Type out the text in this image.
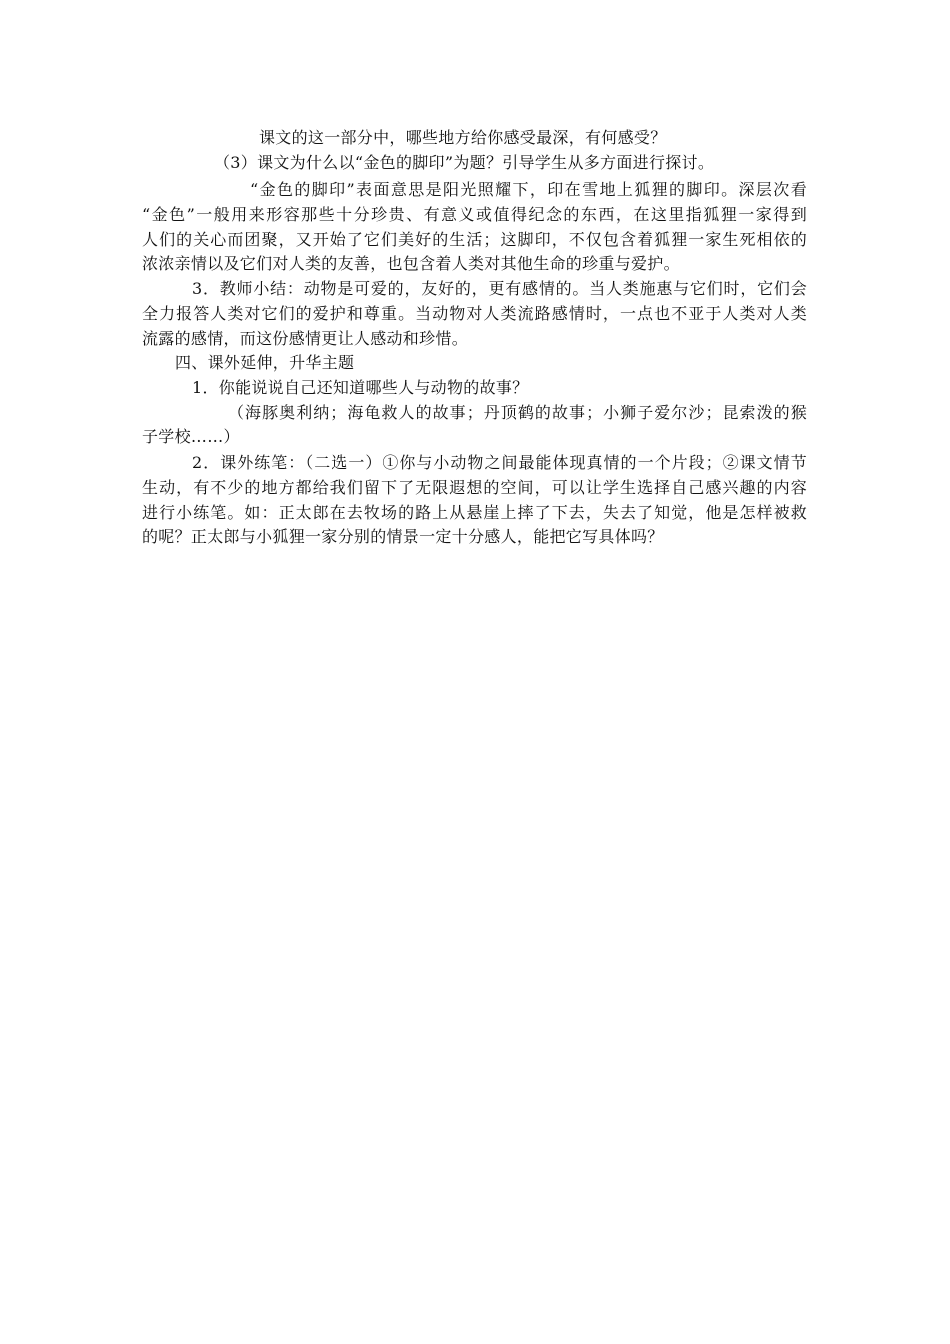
课文的这一部分中，哪些地方给你感受最深，有何感受？
（3）课文为什么以“金色的脚印”为题？引导学生从多方面进行探讨。
“金色的脚印”表面意思是阳光照耀下，印在雪地上狐狸的脚印。深层次看
“金色”一般用来形容那些十分珍贵、有意义或值得纪念的东西，在这里指狐狸一家得到
人们的关心而团聚，又开始了它们美好的生活；这脚印，不仅包含着狐狸一家生死相依的
浓浓亲情以及它们对人类的友善，也包含着人类对其他生命的珍重与爱护。
3．教师小结：动物是可爱的，友好的，更有感情的。当人类施惠与它们时，它们会
全力报答人类对它们的爱护和尊重。当动物对人类流路感情时，一点也不亚于人类对人类
流露的感情，而这份感情更让人感动和珍惜。
四、课外延伸，升华主题
1．你能说说自己还知道哪些人与动物的故事？
（海豚奥利纳；海龟救人的故事；丹顶鹤的故事；小狮子爱尔沙；昆索泼的猴
子学校……）
2．课外练笔：（二选一）①你与小动物之间最能体现真情的一个片段；②课文情节
生动，有不少的地方都给我们留下了无限遐想的空间，可以让学生选择自己感兴趣的内容
进行小练笔。如：正太郎在去牧场的路上从悬崖上摔了下去，失去了知觉，他是怎样被救
的呢？正太郎与小狐狸一家分别的情景一定十分感人，能把它写具体吗？
